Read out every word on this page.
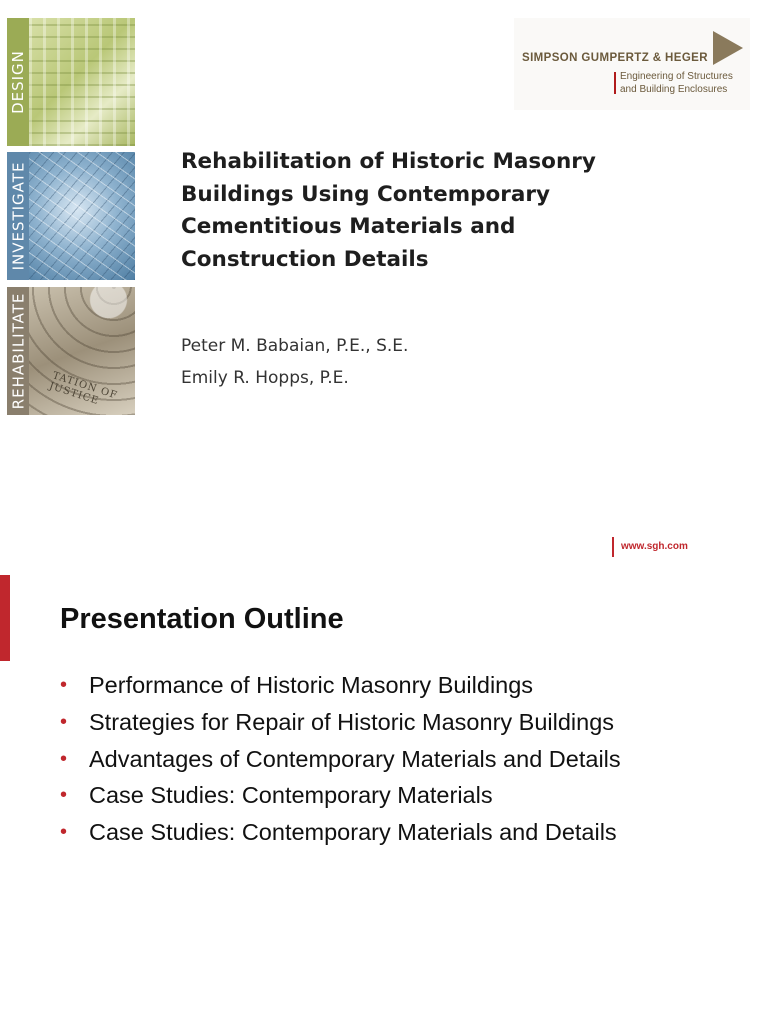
DESIGN
INVESTIGATE
REHABILITATE	TATION OF JUSTICE
SIMPSON GUMPERTZ & HEGER
Engineering of Structures
and Building Enclosures
Rehabilitation of Historic Masonry
Buildings Using Contemporary
Cementitious Materials and
Construction Details
Peter M. Babaian, P.E., S.E.
Emily R. Hopps, P.E.
www.sgh.com
Presentation Outline
• Performance of Historic Masonry Buildings
• Strategies for Repair of Historic Masonry Buildings
• Advantages of Contemporary Materials and Details
• Case Studies: Contemporary Materials
• Case Studies: Contemporary Materials and Details
